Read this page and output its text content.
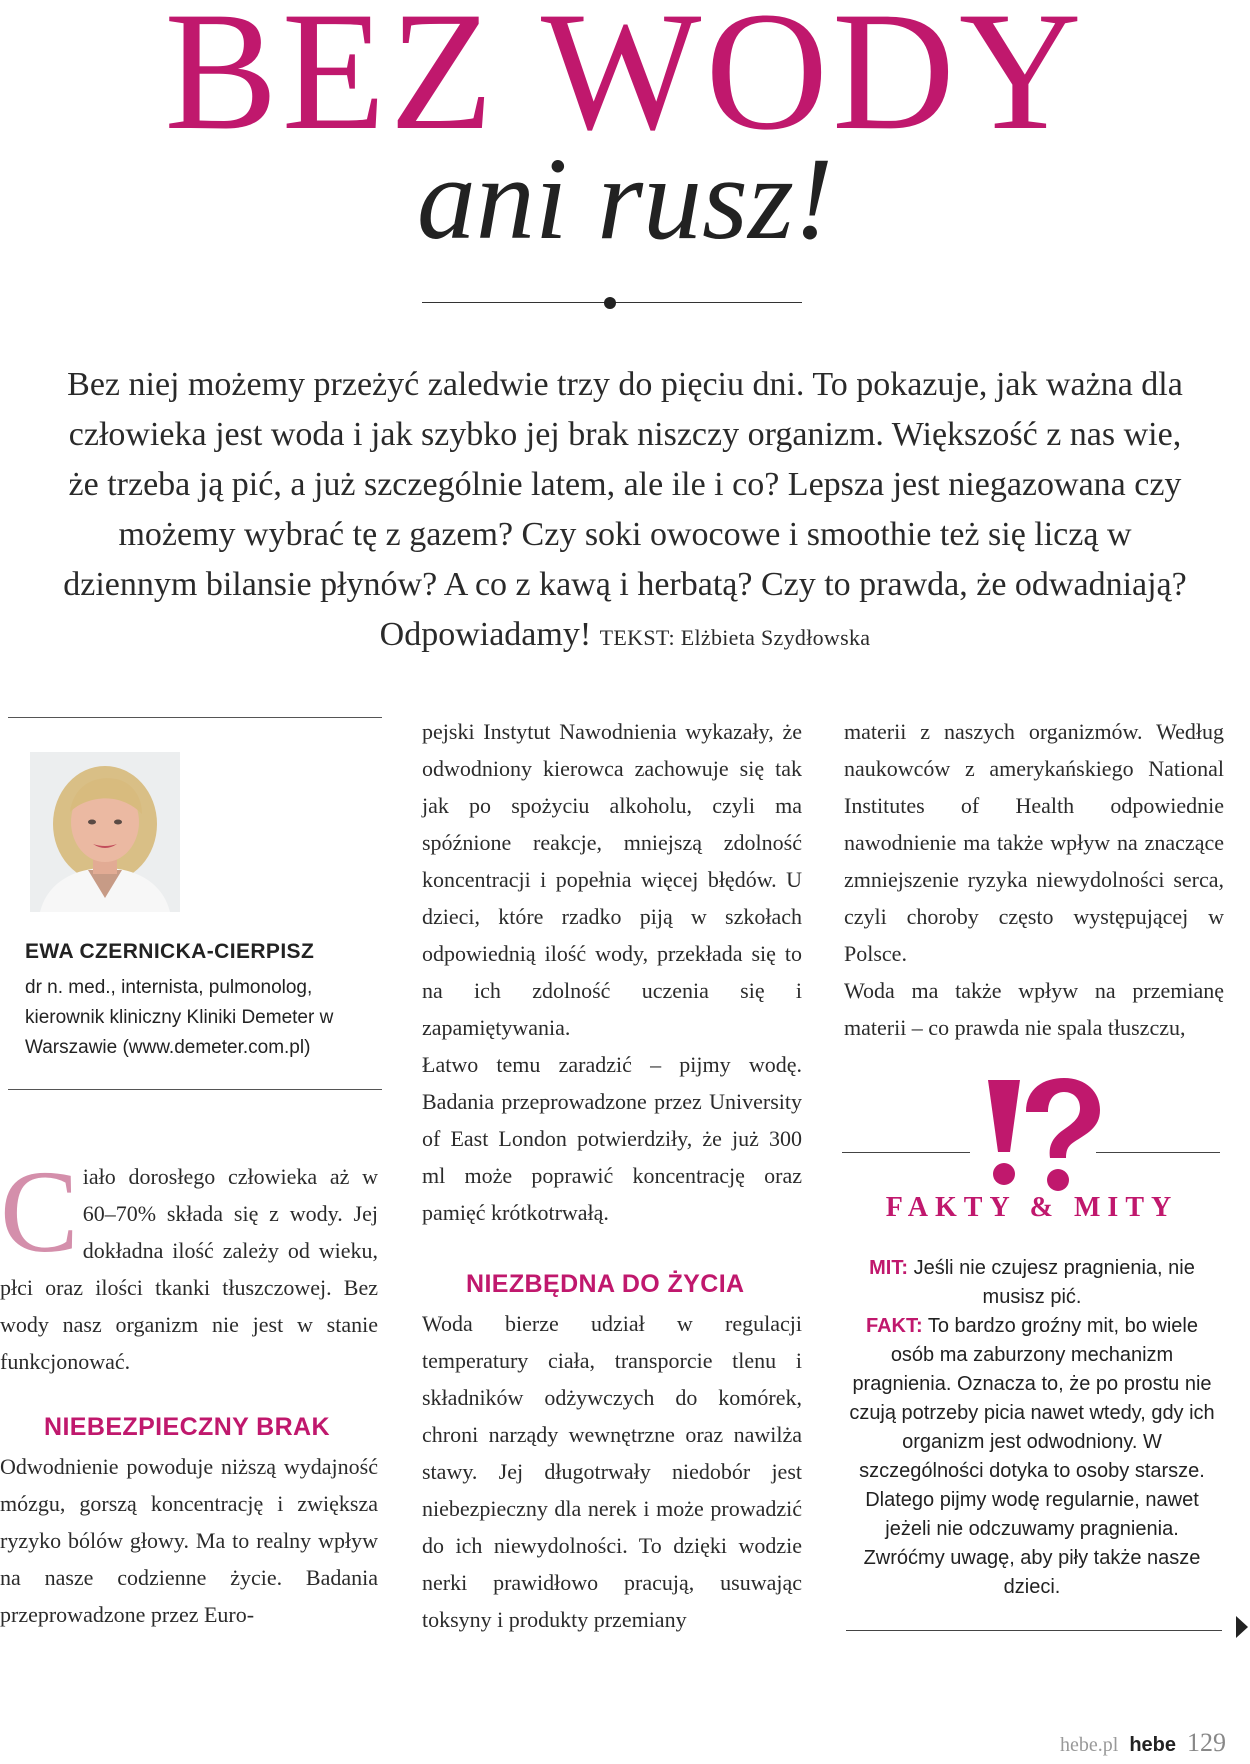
BEZ WODY
ani rusz!
Bez niej możemy przeżyć zaledwie trzy do pięciu dni. To pokazuje, jak ważna dla człowieka jest woda i jak szybko jej brak niszczy organizm. Większość z nas wie, że trzeba ją pić, a już szczególnie latem, ale ile i co? Lepsza jest niegazowana czy możemy wybrać tę z gazem? Czy soki owocowe i smoothie też się liczą w dziennym bilansie płynów? A co z kawą i herbatą? Czy to prawda, że odwadniają? Odpowiadamy! TEKST: Elżbieta Szydłowska
EWA CZERNICKA-CIERPISZ
dr n. med., internista, pulmonolog, kierownik kliniczny Kliniki Demeter w Warszawie (www.demeter.com.pl)

Ciało dorosłego człowieka aż w 60–70% składa się z wody. Jej dokładna ilość zależy od wieku, płci oraz ilości tkanki tłuszczowej. Bez wody nasz organizm nie jest w stanie funkcjonować.

NIEBEZPIECZNY BRAK

Odwodnienie powoduje niższą wydajność mózgu, gorszą koncentrację i zwiększa ryzyko bólów głowy. Ma to realny wpływ na nasze codzienne życie. Badania przeprowadzone przez Euro-

pejski Instytut Nawodnienia wykazały, że odwodniony kierowca zachowuje się tak jak po spożyciu alkoholu, czyli ma spóźnione reakcje, mniejszą zdolność koncentracji i popełnia więcej błędów. U dzieci, które rzadko piją w szkołach odpowiednią ilość wody, przekłada się to na ich zdolność uczenia się i zapamiętywania.

Łatwo temu zaradzić – pijmy wodę. Badania przeprowadzone przez University of East London potwierdziły, że już 300 ml może poprawić koncentrację oraz pamięć krótkotrwałą.

NIEZBĘDNA DO ŻYCIA

Woda bierze udział w regulacji temperatury ciała, transporcie tlenu i składników odżywczych do komórek, chroni narządy wewnętrzne oraz nawilża stawy. Jej długotrwały niedobór jest niebezpieczny dla nerek i może prowadzić do ich niewydolności. To dzięki wodzie nerki prawidłowo pracują, usuwając toksyny i produkty przemiany

materii z naszych organizmów. Według naukowców z amerykańskiego National Institutes of Health odpowiednie nawodnienie ma także wpływ na znaczące zmniejszenie ryzyka niewydolności serca, czyli choroby często występującej w Polsce.

Woda ma także wpływ na przemianę materii – co prawda nie spala tłuszczu,

FAKTY & MITY
MIT: Jeśli nie czujesz pragnienia, nie musisz pić.
FAKT: To bardzo groźny mit, bo wiele osób ma zaburzony mechanizm pragnienia. Oznacza to, że po prostu nie czują potrzeby picia nawet wtedy, gdy ich organizm jest odwodniony. W szczególności dotyka to osoby starsze. Dlatego pijmy wodę regularnie, nawet jeżeli nie odczuwamy pragnienia. Zwróćmy uwagę, aby piły także nasze dzieci.
hebe.pl hebe 129
